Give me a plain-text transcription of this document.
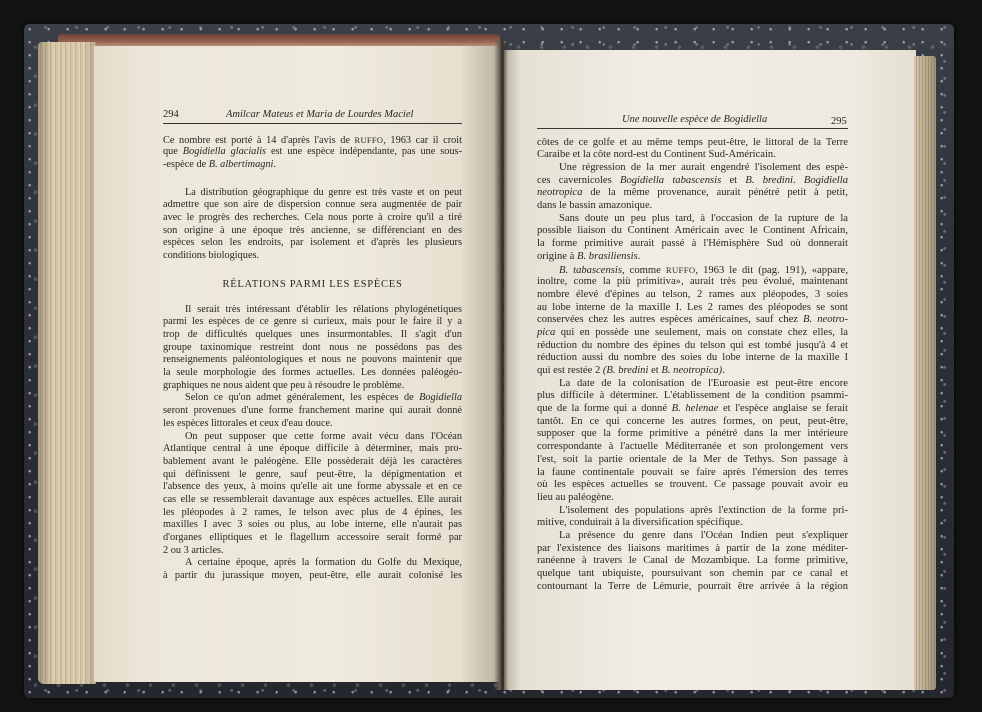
294	Amilcar Mateus et Maria de Lourdes Maciel	Une nouvelle espèce de Bogidiella	295
Ce nombre est porté à 14 d'après l'avis de RUFFO, 1963 car il croit
que Bogidiella glacialis est une espèce indépendante, pas une sous-
-espèce de B. albertimagni.
La distribution géographique du genre est très vaste et on peut
admettre que son aire de dispersion connue sera augmentée de pair
avec le progrès des recherches. Cela nous porte à croire qu'il a tiré
son origine à une époque très ancienne, se différenciant en des
espèces selon les endroits, par isolement et d'après les plusieurs
conditions biologiques.
RÉLATIONS PARMI LES ESPÈCES
Il serait très intéressant d'établir les rélations phylogénetiques
parmi les espèces de ce genre si curieux, mais pour le faire il y a
trop de difficultés quelques unes insurmontables. Il s'agit d'un
groupe taxinomique restreint dont nous ne possédons pas des
renseignements paléontologiques et nous ne pouvons maintenir que
la seule morphologie des formes actuelles. Les données paléogéo-
graphiques ne nous aident que peu à résoudre le problème.
Selon ce qu'on admet généralement, les espèces de Bogidiella
seront provenues d'une forme franchement marine qui aurait donné
les espèces littorales et ceux d'eau douce.
On peut supposer que cette forme avait vécu dans l'Océan
Atlantique central à une époque difficile à déterminer, mais pro-
bablement avant le paléogène. Elle possèderait déjà les caractères
qui définissent le genre, sauf peut-être, la dépigmentation et
l'absence des yeux, à moins qu'elle ait une forme abyssale et en ce
cas elle se ressemblerait davantage aux espèces actuelles. Elle aurait
les pléopodes à 2 rames, le telson avec plus de 4 épines, les
maxilles I avec 3 soies ou plus, au lobe interne, elle n'aurait pas
d'organes elliptiques et le flagellum accessoire serait formé par
2 ou 3 articles.
A certaine époque, après la formation du Golfe du Mexique,
à partir du jurassique moyen, peut-être, elle aurait colonisé les
côtes de ce golfe et au même temps peut-être, le littoral de la Terre
Caraibe et la côte nord-est du Continent Sud-Américain.
Une régression de la mer aurait engendré l'isolement des espè-
ces cavernicoles Bogidiella tabascensis et B. bredini. Bogidiella
neotropica de la même provenance, aurait pénétré petit à petit,
dans le bassin amazonique.
Sans doute un peu plus tard, à l'occasion de la rupture de la
possible liaison du Continent Américain avec le Continent Africain,
la forme primitive aurait passé à l'Hémisphère Sud où donnerait
origine à B. brasiliensis.
B. tabascensis, comme RUFFO, 1963 le dit (pag. 191), «appare,
inoltre, come la più primitiva», aurait très peu évolué, maintenant
nombre élevé d'épines au telson, 2 rames aux pléopodes, 3 soies
au lobe interne de la maxille I. Les 2 rames des pléopodes se sont
conservées chez les autres espèces américaines, sauf chez B. neotro-
pica qui en possède une seulement, mais on constate chez elles, la
réduction du nombre des épines du telson qui est tombé jusqu'à 4 et
réduction aussi du nombre des soies du lobe interne de la maxille I
qui est restée 2 (B. bredini et B. neotropica).
La date de la colonisation de l'Euroasie est peut-être encore
plus difficile à déterminer. L'établissement de la condition psammi-
que de la forme qui a donné B. helenae et l'espèce anglaise se ferait
tantôt. En ce qui concerne les autres formes, on peut, peut-être,
supposer que la forme primitive a pénétré dans la mer intérieure
correspondante à l'actuelle Méditerranée et son prolongement vers
l'est, soit la partie orientale de la Mer de Tethys. Son passage à
la faune continentale pouvait se faire après l'émersion des terres
où les espèces actuelles se trouvent. Ce passage pouvait avoir eu
lieu au paléogène.
L'isolement des populations après l'extinction de la forme pri-
mitive, conduirait à la diversification spécifique.
La présence du genre dans l'Océan Indien peut s'expliquer
par l'existence des liaisons maritimes à partir de la zone méditer-
ranéenne à travers le Canal de Mozambique. La forme primitive,
quelque tant ubiquiste, poursuivant son chemin par ce canal et
contournant la Terre de Lémurie, pourrait être arrivée à la région
